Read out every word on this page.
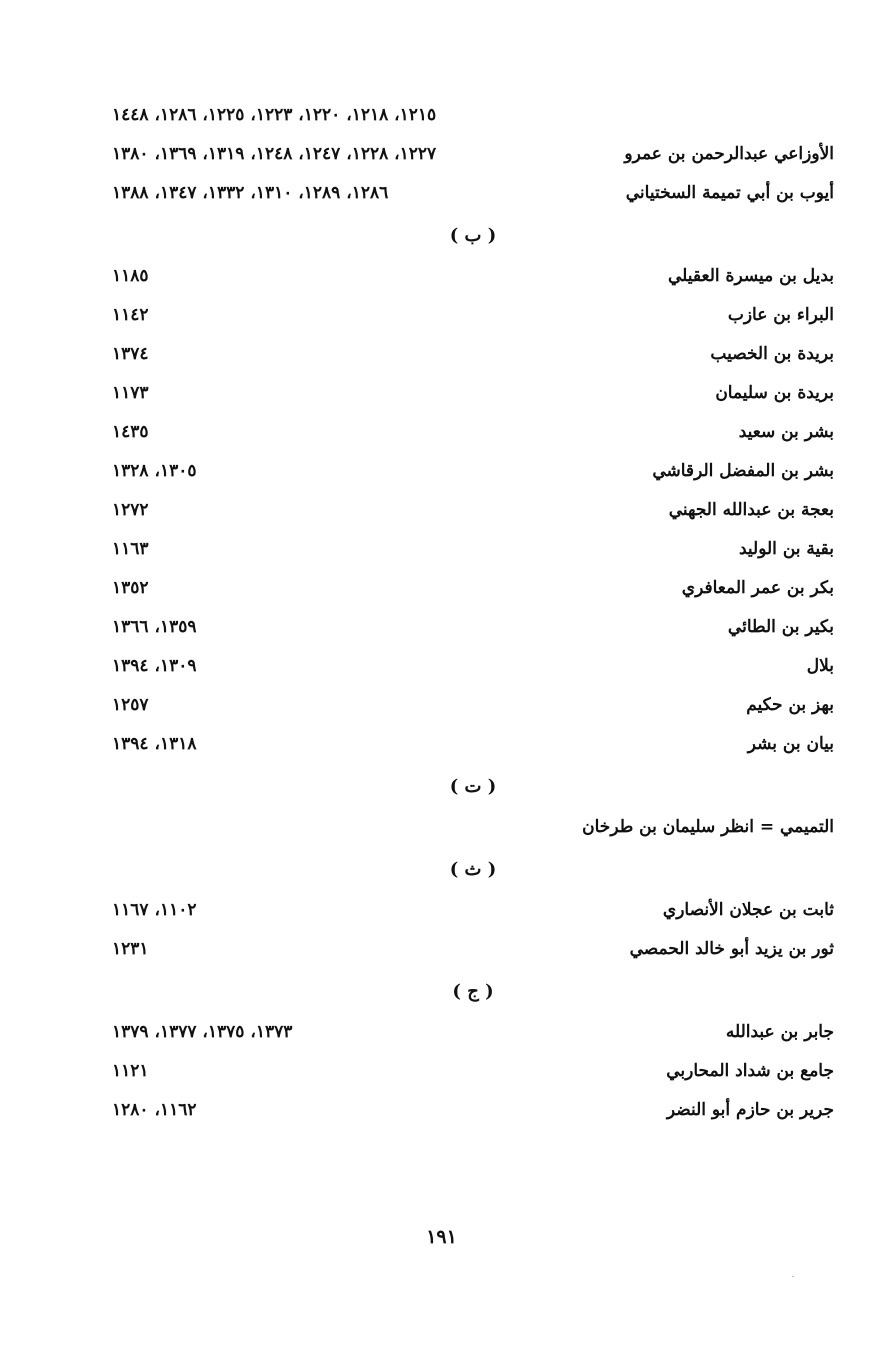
١٢١٥، ١٢١٨، ١٢٢٠، ١٢٢٣، ١٢٢٥، ١٢٨٦، ١٤٤٨
١٢٢٧، ١٢٢٨، ١٢٤٧، ١٢٤٨، ١٣١٩، ١٣٦٩، ١٣٨٠	الأوزاعي عبدالرحمن بن عمرو
١٢٨٦، ١٢٨٩، ١٣١٠، ١٣٣٢، ١٣٤٧، ١٣٨٨	أيوب بن أبي تميمة السختياني
( ب )
١١٨٥	بديل بن ميسرة العقيلي
١١٤٢	البراء بن عازب
١٣٧٤	بريدة بن الخصيب
١١٧٣	بريدة بن سليمان
١٤٣٥	بشر بن سعيد
١٣٠٥، ١٣٢٨	بشر بن المفضل الرقاشي
١٢٧٢	بعجة بن عبدالله الجهني
١١٦٣	بقية بن الوليد
١٣٥٢	بكر بن عمر المعافري
١٣٥٩، ١٣٦٦	بكير بن الطائي
١٣٠٩، ١٣٩٤	بلال
١٢٥٧	بهز بن حكيم
١٣١٨، ١٣٩٤	بيان بن بشر
( ت )
التميمي = انظر سليمان بن طرخان
( ث )
١١٠٢، ١١٦٧	ثابت بن عجلان الأنصاري
١٢٣١	ثور بن يزيد أبو خالد الحمصي
( ج )
١٣٧٣، ١٣٧٥، ١٣٧٧، ١٣٧٩	جابر بن عبدالله
١١٢١	جامع بن شداد المحاربي
١١٦٢، ١٢٨٠	جرير بن حازم أبو النضر
١٩١
